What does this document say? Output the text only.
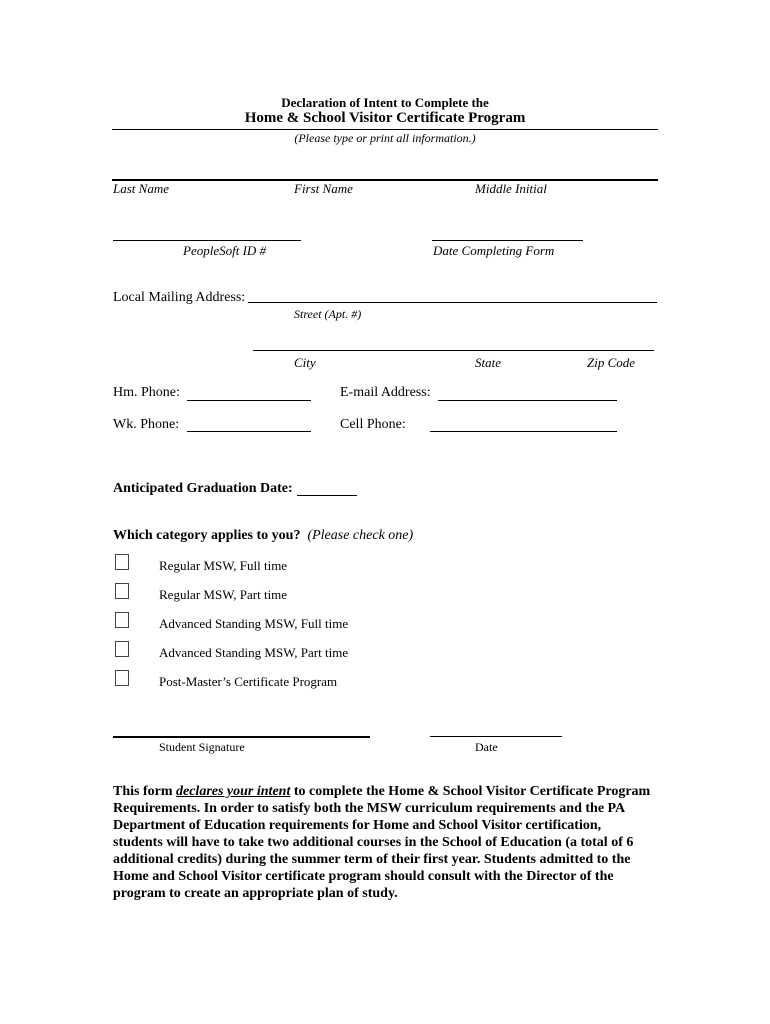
Declaration of Intent to Complete the
Home & School Visitor Certificate Program
(Please type or print all information.)
Last Name	First Name	Middle Initial
PeopleSoft ID #	Date Completing Form
Local Mailing Address:
Street (Apt. #)
City	State	Zip Code
Hm. Phone:	E-mail Address:
Wk. Phone:	Cell Phone:
Anticipated Graduation Date:
Which category applies to you? (Please check one)
Regular MSW, Full time
Regular MSW, Part time
Advanced Standing MSW, Full time
Advanced Standing MSW, Part time
Post-Master’s Certificate Program
Student Signature	Date
This form declares your intent to complete the Home & School Visitor Certificate Program Requirements. In order to satisfy both the MSW curriculum requirements and the PA Department of Education requirements for Home and School Visitor certification, students will have to take two additional courses in the School of Education (a total of 6 additional credits) during the summer term of their first year. Students admitted to the Home and School Visitor certificate program should consult with the Director of the program to create an appropriate plan of study.
